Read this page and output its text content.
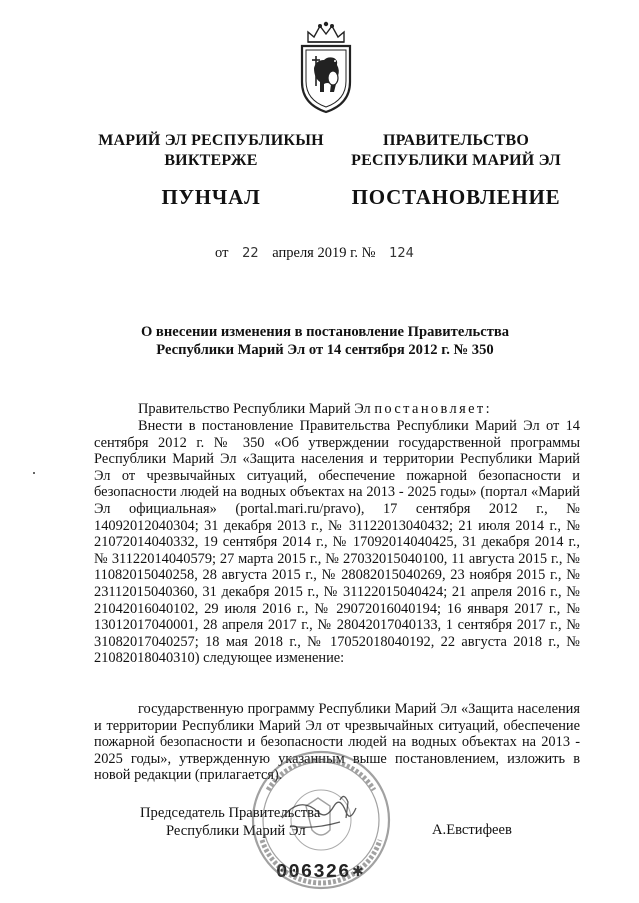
МАРИЙ ЭЛ РЕСПУБЛИКЫН
ВИКТЕРЖЕ
ПУНЧАЛ
ПРАВИТЕЛЬСТВО
РЕСПУБЛИКИ МАРИЙ ЭЛ
ПОСТАНОВЛЕНИЕ
от 22 апреля 2019 г. № 124
О внесении изменения в постановление Правительства
Республики Марий Эл от 14 сентября 2012 г. № 350
Правительство Республики Марий Эл постановляет:
Внести в постановление Правительства Республики Марий Эл от 14 сентября 2012 г. № 350 «Об утверждении государственной программы Республики Марий Эл «Защита населения и территории Республики Марий Эл от чрезвычайных ситуаций, обеспечение пожарной безопасности и безопасности людей на водных объектах на 2013 - 2025 годы» (портал «Марий Эл официальная» (portal.mari.ru/pravo), 17 сентября 2012 г., № 14092012040304; 31 декабря 2013 г., № 31122013040432; 21 июля 2014 г., № 21072014040332, 19 сентября 2014 г., № 17092014040425, 31 декабря 2014 г., № 31122014040579; 27 марта 2015 г., № 27032015040100, 11 августа 2015 г., № 11082015040258, 28 августа 2015 г., № 28082015040269, 23 ноября 2015 г., № 23112015040360, 31 декабря 2015 г., № 31122015040424; 21 апреля 2016 г., № 21042016040102, 29 июля 2016 г., № 29072016040194; 16 января 2017 г., № 13012017040001, 28 апреля 2017 г., № 28042017040133, 1 сентября 2017 г., № 31082017040257; 18 мая 2018 г., № 17052018040192, 22 августа 2018 г., № 21082018040310) следующее изменение:
государственную программу Республики Марий Эл «Защита населения и территории Республики Марий Эл от чрезвычайных ситуаций, обеспечение пожарной безопасности и безопасности людей на водных объектах на 2013 - 2025 годы», утвержденную указанным выше постановлением, изложить в новой редакции (прилагается).
Председатель Правительства
Республики Марий Эл	А.Евстифеев
006326 ✱
